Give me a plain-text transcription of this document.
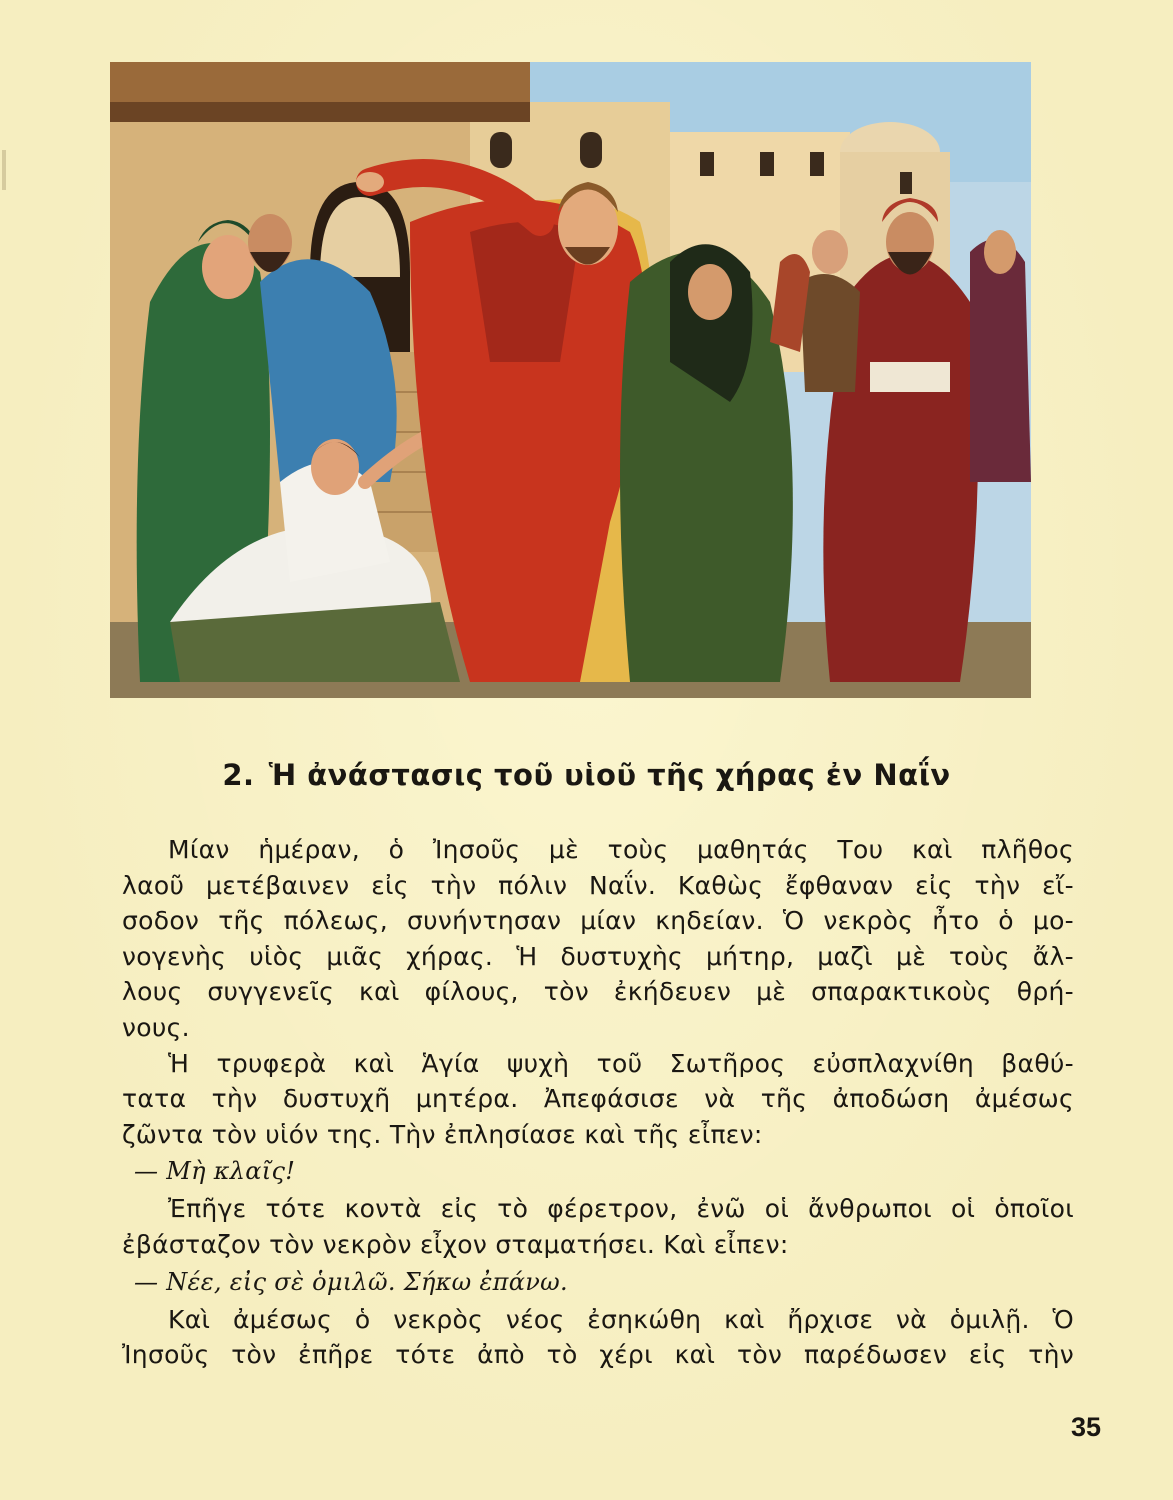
2. Ἡ ἀνάστασις τοῦ υἱοῦ τῆς χήρας ἐν Ναΐν
Μίαν ἡμέραν, ὁ Ἰησοῦς μὲ τοὺς μαθητάς Του καὶ πλῆθος
λαοῦ μετέβαινεν εἰς τὴν πόλιν Ναΐν. Καθὼς ἔφθαναν εἰς τὴν εἴ-
σοδον τῆς πόλεως, συνήντησαν μίαν κηδείαν. Ὁ νεκρὸς ἦτο ὁ μο-
νογενὴς υἱὸς μιᾶς χήρας. Ἡ δυστυχὴς μήτηρ, μαζὶ μὲ τοὺς ἄλ-
λους συγγενεῖς καὶ φίλους, τὸν ἐκήδευεν μὲ σπαρακτικοὺς θρή-
νους.
Ἡ τρυφερὰ καὶ Ἁγία ψυχὴ τοῦ Σωτῆρος εὐσπλαχνίθη βαθύ-
τατα τὴν δυστυχῆ μητέρα. Ἀπεφάσισε νὰ τῆς ἀποδώση ἀμέσως
ζῶντα τὸν υἱόν της. Τὴν ἐπλησίασε καὶ τῆς εἶπεν:
— Μὴ κλαῖς!
Ἐπῆγε τότε κοντὰ εἰς τὸ φέρετρον, ἐνῶ οἱ ἄνθρωποι οἱ ὁποῖοι
ἐβάσταζον τὸν νεκρὸν εἶχον σταματήσει. Καὶ εἶπεν:
— Νέε, εἰς σὲ ὁμιλῶ. Σήκω ἐπάνω.
Καὶ ἀμέσως ὁ νεκρὸς νέος ἐσηκώθη καὶ ἤρχισε νὰ ὁμιλῇ. Ὁ
Ἰησοῦς τὸν ἐπῆρε τότε ἀπὸ τὸ χέρι καὶ τὸν παρέδωσεν εἰς τὴν
35
